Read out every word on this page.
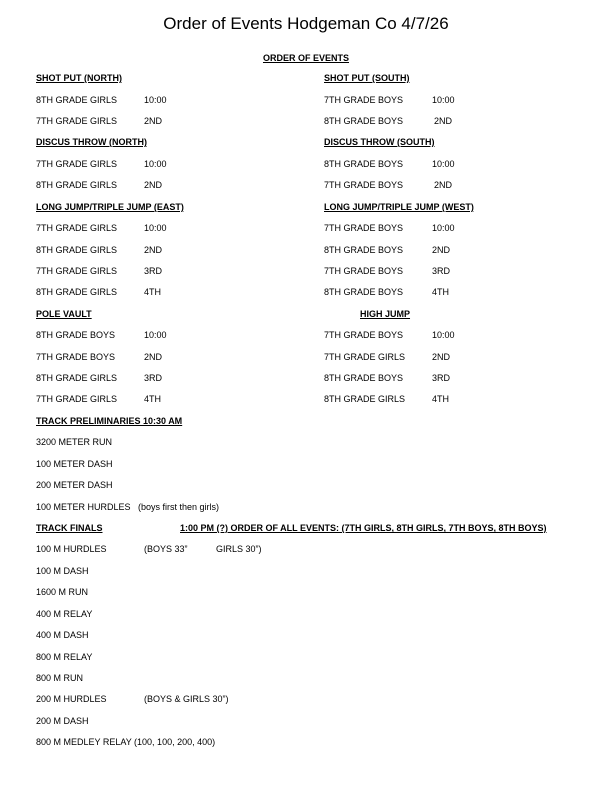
Order of Events Hodgeman Co 4/7/26
ORDER OF EVENTS
SHOT PUT (NORTH)	SHOT PUT (SOUTH)
8TH GRADE GIRLS	10:00	7TH GRADE BOYS	10:00
7TH GRADE GIRLS	2ND	8TH GRADE BOYS	2ND
DISCUS THROW (NORTH)	DISCUS THROW (SOUTH)
7TH GRADE GIRLS	10:00	8TH GRADE BOYS	10:00
8TH GRADE GIRLS	2ND	7TH GRADE BOYS	2ND
LONG JUMP/TRIPLE JUMP (EAST)	LONG JUMP/TRIPLE JUMP (WEST)
7TH GRADE GIRLS	10:00	7TH GRADE BOYS	10:00
8TH GRADE GIRLS	2ND	8TH GRADE BOYS	2ND
7TH GRADE GIRLS	3RD	7TH GRADE BOYS	3RD
8TH GRADE GIRLS	4TH	8TH GRADE BOYS	4TH
POLE VAULT	HIGH JUMP
8TH GRADE BOYS	10:00	7TH GRADE BOYS	10:00
7TH GRADE BOYS	2ND	7TH GRADE GIRLS	2ND
8TH GRADE GIRLS	3RD	8TH GRADE BOYS	3RD
7TH GRADE GIRLS	4TH	8TH GRADE GIRLS	4TH
TRACK PRELIMINARIES 10:30 AM
3200 METER RUN
100 METER DASH
200 METER DASH
100 METER HURDLES (boys first then girls)
TRACK FINALS	1:00 PM (?) ORDER OF ALL EVENTS: (7TH GIRLS, 8TH GIRLS, 7TH BOYS, 8TH BOYS)
100 M HURDLES	(BOYS 33”	GIRLS 30”)
100 M DASH
1600 M RUN
400 M RELAY
400 M DASH
800 M RELAY
800 M RUN
200 M HURDLES	(BOYS & GIRLS 30”)
200 M DASH
800 M MEDLEY RELAY (100, 100, 200, 400)
